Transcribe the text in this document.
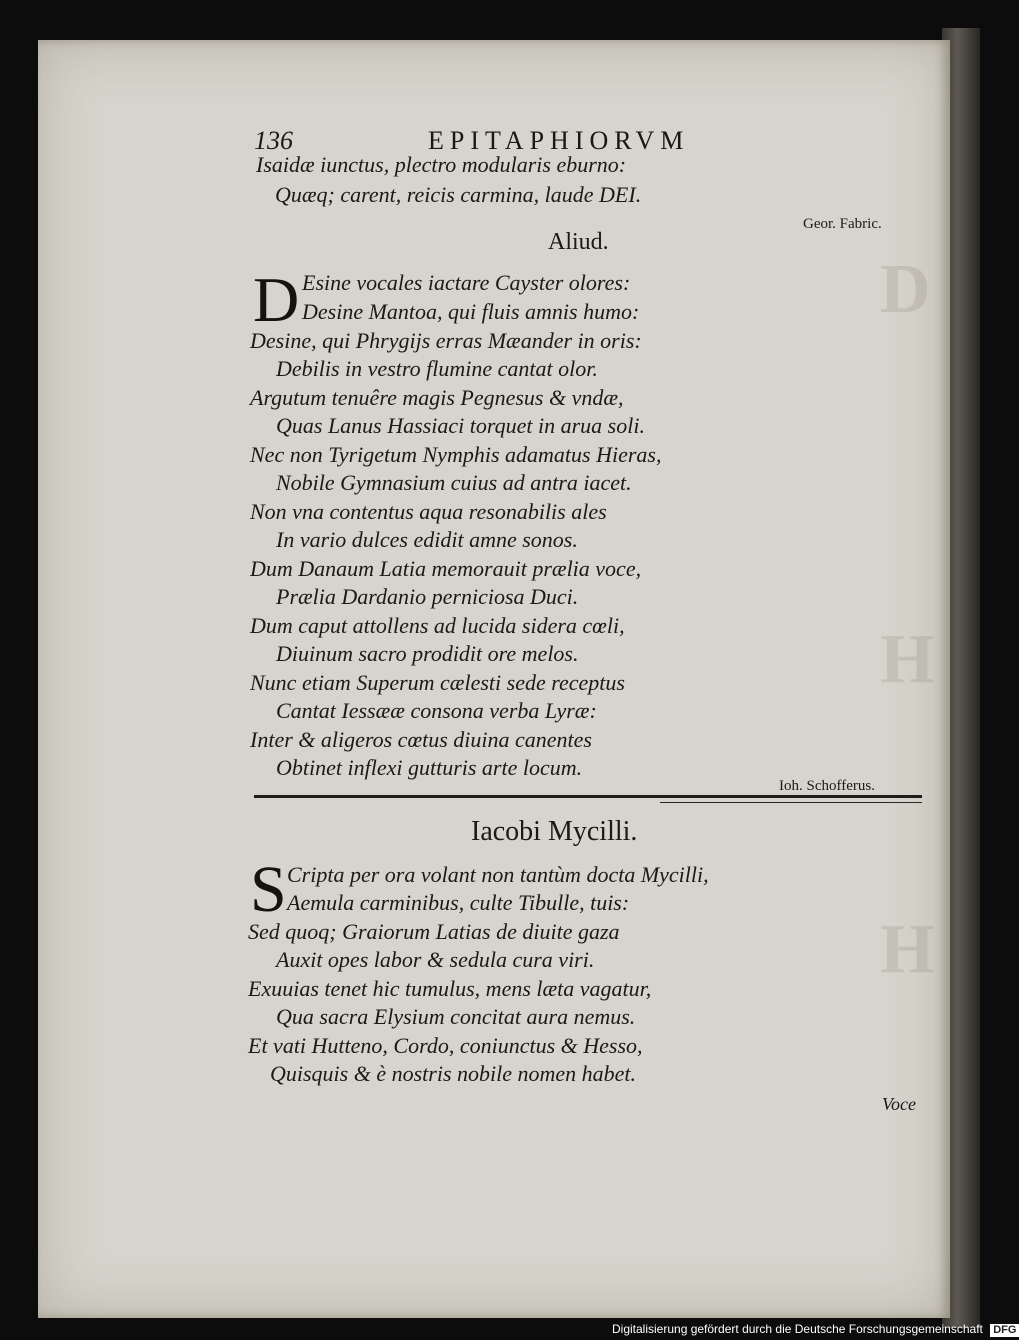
D
H
H
136	EPITAPHIORVM
Isaidæ iunctus, plectro modularis eburno:
Quæq; carent, reicis carmina, laude DEI.
Geor. Fabric.
Aliud.
D Esine vocales iactare Cayster olores:
Desine Mantoa, qui fluis amnis humo:
Desine, qui Phrygijs erras Mæander in oris:
Debilis in vestro flumine cantat olor.
Argutum tenuêre magis Pegnesus & vndæ,
Quas Lanus Hassiaci torquet in arua soli.
Nec non Tyrigetum Nymphis adamatus Hieras,
Nobile Gymnasium cuius ad antra iacet.
Non vna contentus aqua resonabilis ales
In vario dulces edidit amne sonos.
Dum Danaum Latia memorauit prælia voce,
Prælia Dardanio perniciosa Duci.
Dum caput attollens ad lucida sidera cœli,
Diuinum sacro prodidit ore melos.
Nunc etiam Superum cælesti sede receptus
Cantat Iessææ consona verba Lyræ:
Inter & aligeros cœtus diuina canentes
Obtinet inflexi gutturis arte locum.
Ioh. Schofferus.
Iacobi Mycilli.
S Cripta per ora volant non tantùm docta Mycilli,
Aemula carminibus, culte Tibulle, tuis:
Sed quoq; Graiorum Latias de diuite gaza
Auxit opes labor & sedula cura viri.
Exuuias tenet hic tumulus, mens læta vagatur,
Qua sacra Elysium concitat aura nemus.
Et vati Hutteno, Cordo, coniunctus & Hesso,
Quisquis & è nostris nobile nomen habet.
Voce
Digitalisierung gefördert durch die Deutsche Forschungsgemeinschaft DFG
